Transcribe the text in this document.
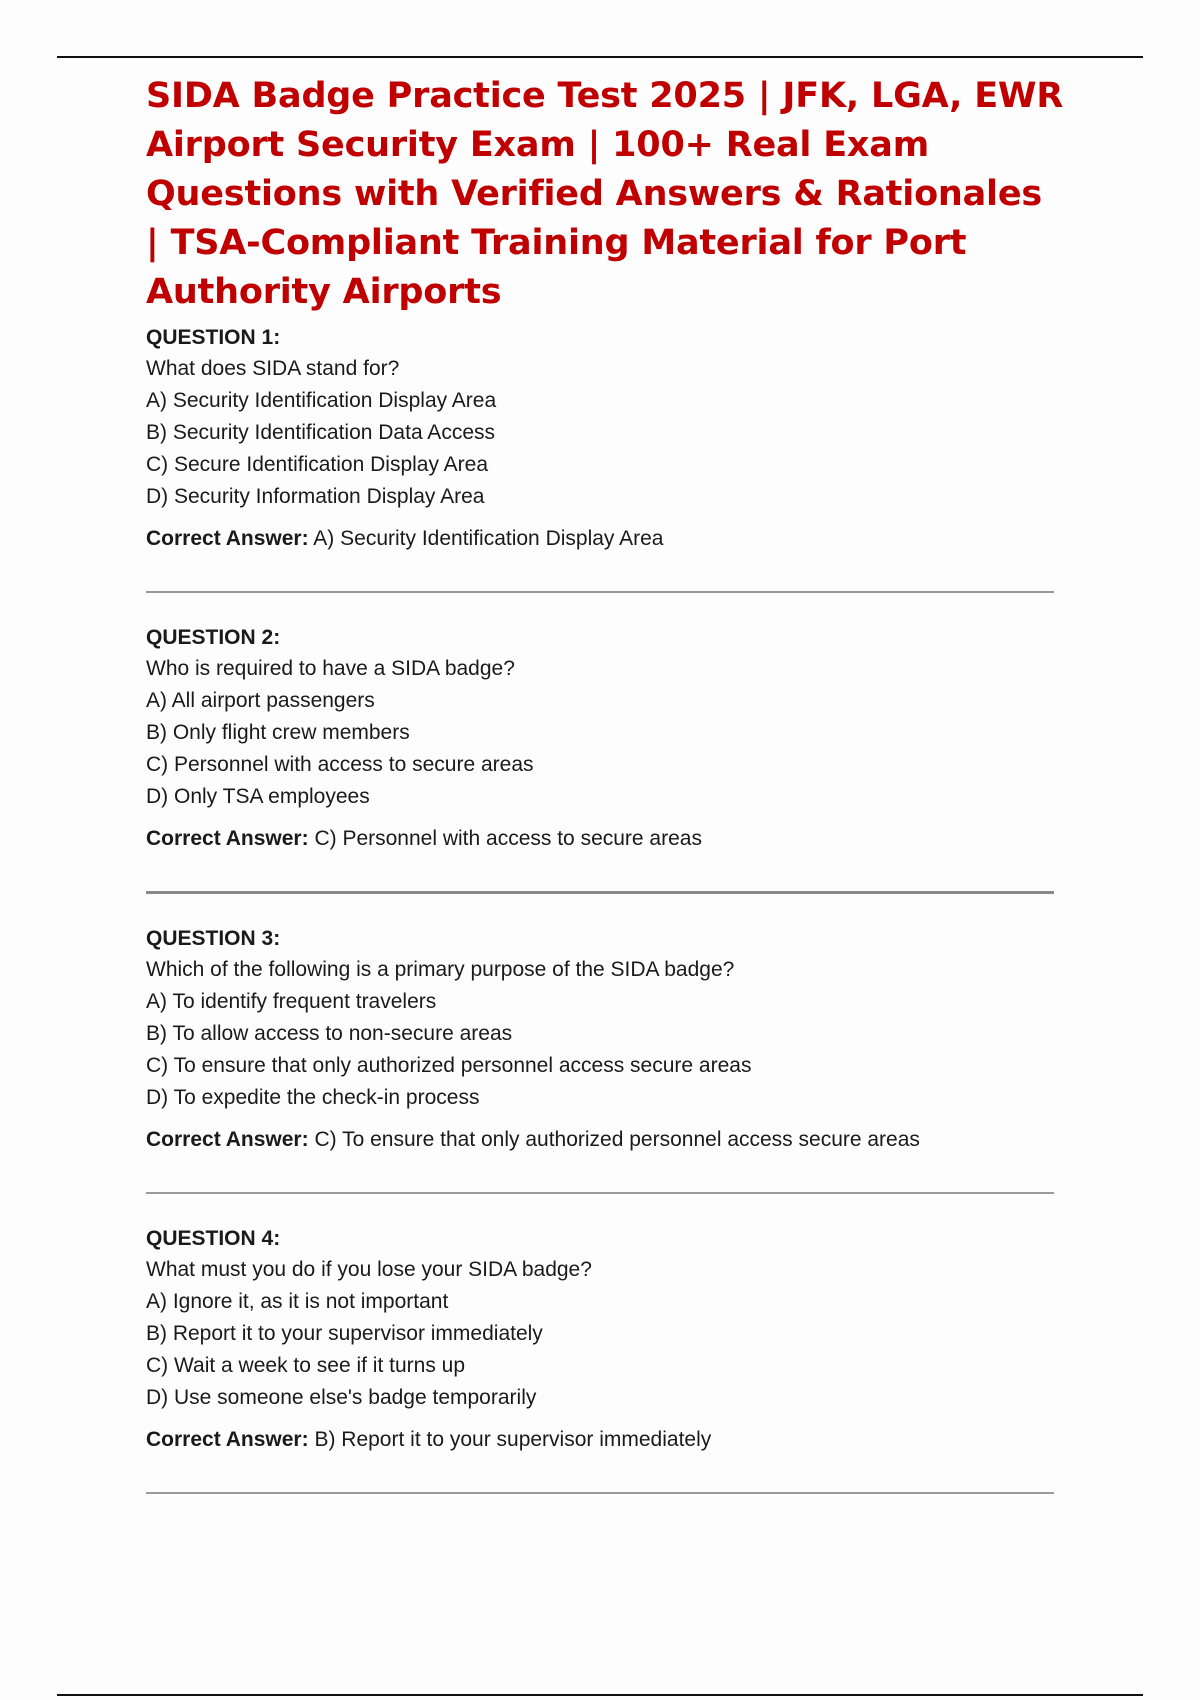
SIDA Badge Practice Test 2025 | JFK, LGA, EWR Airport Security Exam | 100+ Real Exam Questions with Verified Answers & Rationales | TSA-Compliant Training Material for Port Authority Airports

QUESTION 1:

What does SIDA stand for?

A) Security Identification Display Area

B) Security Identification Data Access

C) Secure Identification Display Area

D) Security Information Display Area

Correct Answer: A) Security Identification Display Area

QUESTION 2:

Who is required to have a SIDA badge?

A) All airport passengers

B) Only flight crew members

C) Personnel with access to secure areas

D) Only TSA employees

Correct Answer: C) Personnel with access to secure areas

QUESTION 3:

Which of the following is a primary purpose of the SIDA badge?

A) To identify frequent travelers

B) To allow access to non-secure areas

C) To ensure that only authorized personnel access secure areas

D) To expedite the check-in process

Correct Answer: C) To ensure that only authorized personnel access secure areas

QUESTION 4:

What must you do if you lose your SIDA badge?

A) Ignore it, as it is not important

B) Report it to your supervisor immediately

C) Wait a week to see if it turns up

D) Use someone else's badge temporarily

Correct Answer: B) Report it to your supervisor immediately
